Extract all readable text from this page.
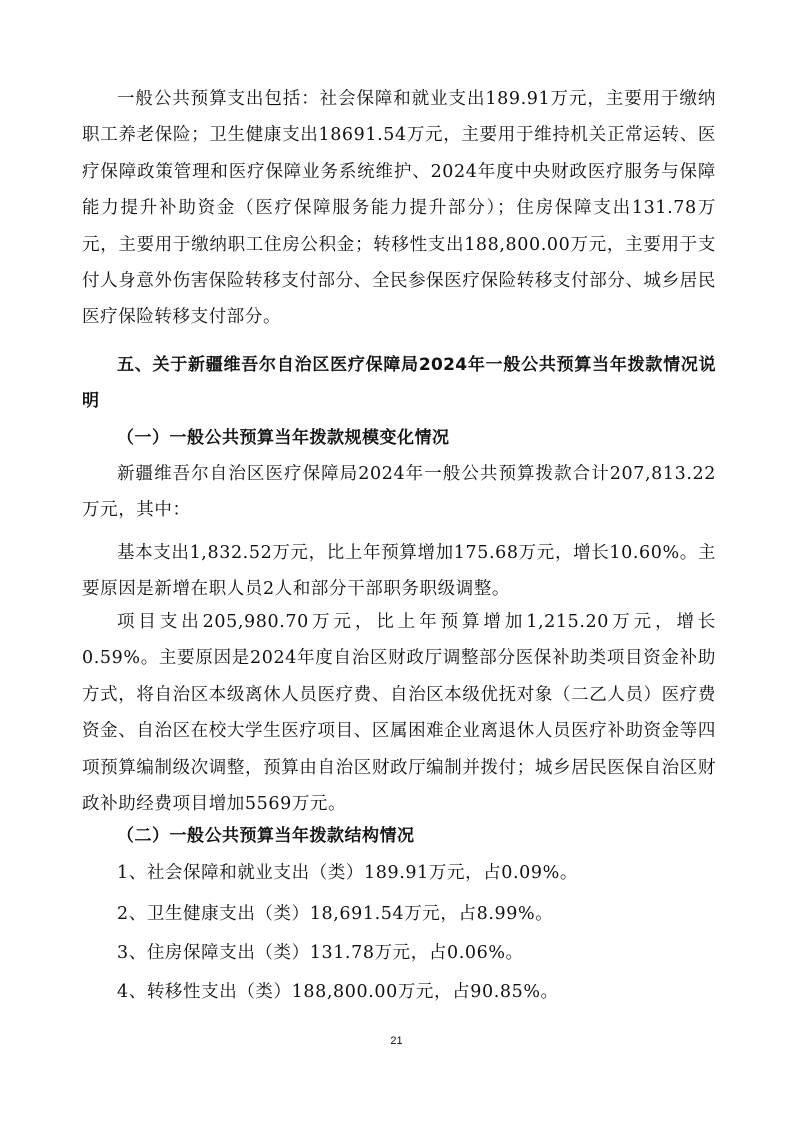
一般公共预算支出包括：社会保障和就业支出189.91万元，主要用于缴纳职工养老保险；卫生健康支出18691.54万元，主要用于维持机关正常运转、医疗保障政策管理和医疗保障业务系统维护、2024年度中央财政医疗服务与保障能力提升补助资金（医疗保障服务能力提升部分）；住房保障支出131.78万元，主要用于缴纳职工住房公积金；转移性支出188,800.00万元，主要用于支付人身意外伤害保险转移支付部分、全民参保医疗保险转移支付部分、城乡居民医疗保险转移支付部分。

五、关于新疆维吾尔自治区医疗保障局2024年一般公共预算当年拨款情况说明

（一）一般公共预算当年拨款规模变化情况

新疆维吾尔自治区医疗保障局2024年一般公共预算拨款合计207,813.22万元，其中：

基本支出1,832.52万元，比上年预算增加175.68万元，增长10.60%。主要原因是新增在职人员2人和部分干部职务职级调整。

项目支出205,980.70万元，比上年预算增加1,215.20万元，增长0.59%。主要原因是2024年度自治区财政厅调整部分医保补助类项目资金补助方式，将自治区本级离休人员医疗费、自治区本级优抚对象（二乙人员）医疗费资金、自治区在校大学生医疗项目、区属困难企业离退休人员医疗补助资金等四项预算编制级次调整，预算由自治区财政厅编制并拨付；城乡居民医保自治区财政补助经费项目增加5569万元。

（二）一般公共预算当年拨款结构情况

1、社会保障和就业支出（类）189.91万元，占0.09%。

2、卫生健康支出（类）18,691.54万元，占8.99%。

3、住房保障支出（类）131.78万元，占0.06%。

4、转移性支出（类）188,800.00万元，占90.85%。

21
